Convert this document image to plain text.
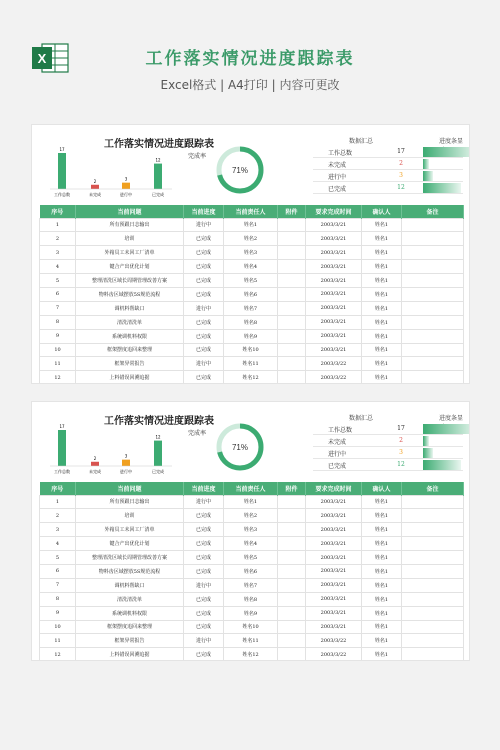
X	工作落实情况进度跟踪表
Excel格式 | A4打印 | 内容可更改
17
工作总数
2
未完成
3
进行中
12
已完成
工作落实情况进度跟踪表
完成率
71%
数据汇总	进度条显
工作总数	17
未完成	2
进行中	3
已完成	12
序号	当前问题	当前进度	当前责任人	附件	要求完成时间	确认人	备注
1	所有预跟日志输出	进行中	姓名1		2003/3/21	姓名1	
2	培训	已完成	姓名2		2003/3/21	姓名1	
3	外箱员工未回工厂清单	已完成	姓名3		2003/3/21	姓名1	
4	键合产出优化计划	已完成	姓名4		2003/3/21	姓名1	
5	整理清洗区域长周期管理改善方案	已完成	姓名5		2003/3/21	姓名1	
6	物料齿区域摆放5S规范流程	已完成	姓名6		2003/3/21	姓名1	
7	调机料帮缺口	进行中	姓名7		2003/3/21	姓名1	
8	清洗清洗单	已完成	姓名8		2003/3/21	姓名1	
9	系统调机料权限	已完成	姓名9		2003/3/21	姓名1	
10	框架摆度追回来整理	已完成	姓名10		2003/3/21	姓名1	
11	框架异常报告	进行中	姓名11		2003/3/22	姓名1	
12	上料错误回溯追据	已完成	姓名12		2003/3/22	姓名1	
17
工作总数
2
未完成
3
进行中
12
已完成
工作落实情况进度跟踪表
完成率
71%
数据汇总	进度条显
工作总数	17
未完成	2
进行中	3
已完成	12
序号	当前问题	当前进度	当前责任人	附件	要求完成时间	确认人	备注
1	所有预跟日志输出	进行中	姓名1		2003/3/21	姓名1	
2	培训	已完成	姓名2		2003/3/21	姓名1	
3	外箱员工未回工厂清单	已完成	姓名3		2003/3/21	姓名1	
4	键合产出优化计划	已完成	姓名4		2003/3/21	姓名1	
5	整理清洗区域长周期管理改善方案	已完成	姓名5		2003/3/21	姓名1	
6	物料齿区域摆放5S规范流程	已完成	姓名6		2003/3/21	姓名1	
7	调机料帮缺口	进行中	姓名7		2003/3/21	姓名1	
8	清洗清洗单	已完成	姓名8		2003/3/21	姓名1	
9	系统调机料权限	已完成	姓名9		2003/3/21	姓名1	
10	框架摆度追回来整理	已完成	姓名10		2003/3/21	姓名1	
11	框架异常报告	进行中	姓名11		2003/3/22	姓名1	
12	上料错误回溯追据	已完成	姓名12		2003/3/22	姓名1	
